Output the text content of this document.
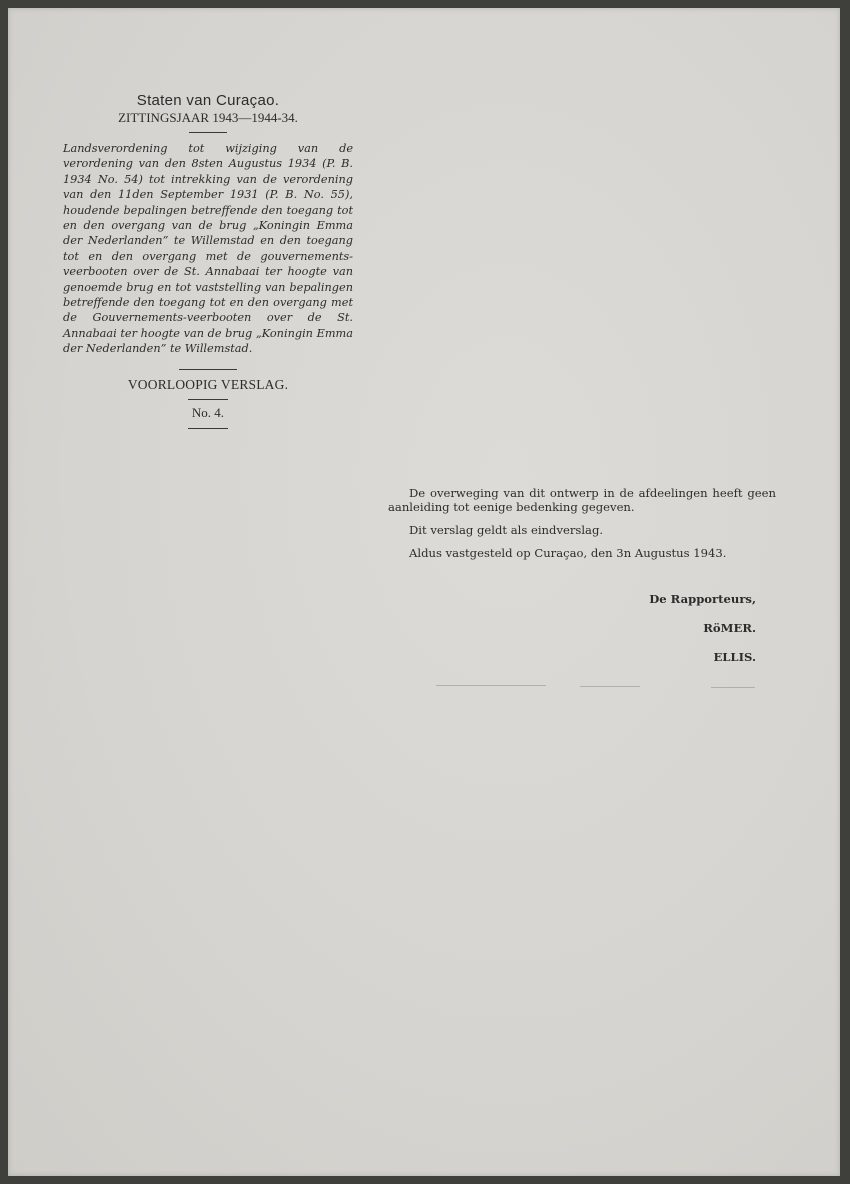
Staten van Curaçao.

ZITTINGSJAAR 1943—1944-34.

Landsverordening tot wijziging van de verordening van den 8sten Augustus 1934 (P. B. 1934 No. 54) tot intrekking van de verordening van den 11den September 1931 (P. B. No. 55), houdende bepalingen betreffende den toegang tot en den overgang van de brug „Koningin Emma der Nederlanden” te Willemstad en den toegang tot en den overgang met de gouvernements-veerbooten over de St. Annabaai ter hoogte van genoemde brug en tot vaststelling van bepalingen betreffende den toegang tot en den overgang met de Gouvernements-veerbooten over de St. Annabaai ter hoogte van de brug „Koningin Emma der Nederlanden” te Willemstad.

VOORLOOPIG VERSLAG.

No. 4.

De overweging van dit ontwerp in de afdeelingen heeft geen aanleiding tot eenige bedenking gegeven.

Dit verslag geldt als eindverslag.

Aldus vastgesteld op Curaçao, den 3n Augustus 1943.

De Rapporteurs,
RöMER.
ELLIS.
